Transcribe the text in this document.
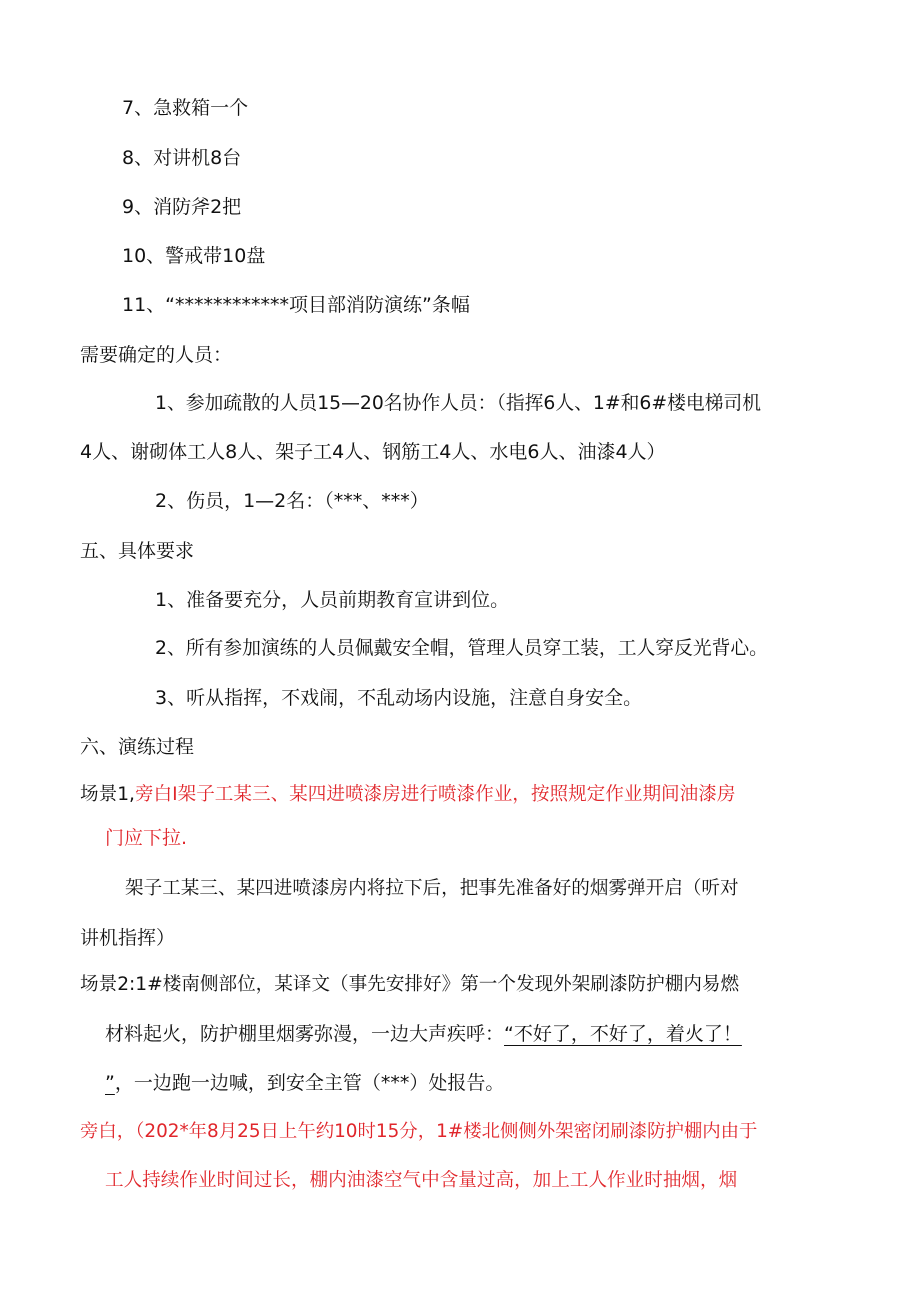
7、急救箱一个
8、对讲机8台
9、消防斧2把
10、警戒带10盘
11、“************项目部消防演练”条幅
需要确定的人员：
1、参加疏散的人员15—20名协作人员：（指挥6人、1#和6#楼电梯司机
4人、谢砌体工人8人、架子工4人、钢筋工4人、水电6人、油漆4人）
2、伤员，1—2名：（***、***）
五、具体要求
1、准备要充分，人员前期教育宣讲到位。
2、所有参加演练的人员佩戴安全帽，管理人员穿工装，工人穿反光背心。
3、听从指挥，不戏闹，不乱动场内设施，注意自身安全。
六、演练过程
场景1,旁白I架子工某三、某四进喷漆房进行喷漆作业，按照规定作业期间油漆房
门应下拉.
架子工某三、某四进喷漆房内将拉下后，把事先准备好的烟雾弹开启（听对
讲机指挥）
场景2:1#楼南侧部位，某译文（事先安排好》第一个发现外架刷漆防护棚内易燃
材料起火，防护棚里烟雾弥漫，一边大声疾呼：“不好了，不好了，着火了！
”，一边跑一边喊，到安全主管（***）处报告。
旁白，（202*年8月25日上午约10时15分，1#楼北侧侧外架密闭刷漆防护棚内由于
工人持续作业时间过长，棚内油漆空气中含量过高，加上工人作业时抽烟，烟
